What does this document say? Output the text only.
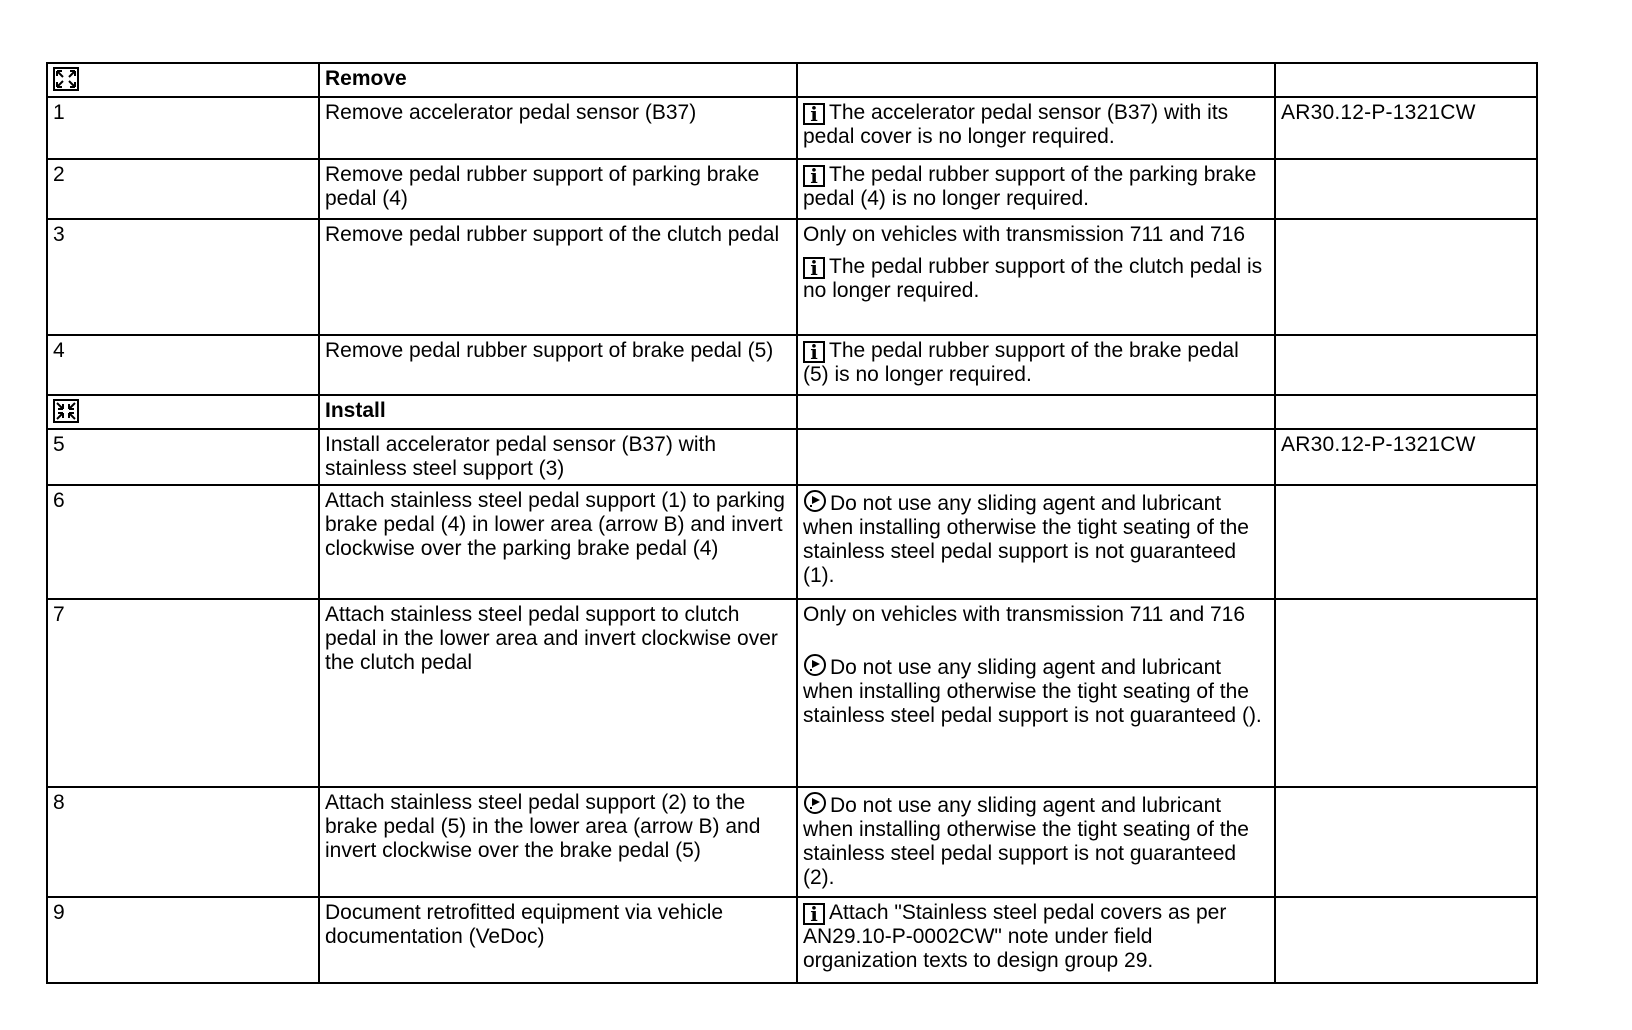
	Remove		
1	Remove accelerator pedal sensor (B37)	i The accelerator pedal sensor (B37) with its pedal cover is no longer required.	AR30.12-P-1321CW
2	Remove pedal rubber support of parking brake pedal (4)	i The pedal rubber support of the parking brake pedal (4) is no longer required.	
3	Remove pedal rubber support of the clutch pedal	Only on vehicles with transmission 711 and 716
i The pedal rubber support of the clutch pedal is no longer required.	
4	Remove pedal rubber support of brake pedal (5)	i The pedal rubber support of the brake pedal (5) is no longer required.	
	Install		
5	Install accelerator pedal sensor (B37) with stainless steel support (3)		AR30.12-P-1321CW
6	Attach stainless steel pedal support (1) to parking brake pedal (4) in lower area (arrow B) and invert clockwise over the parking brake pedal (4)	Do not use any sliding agent and lubricant when installing otherwise the tight seating of the stainless steel pedal support is not guaranteed (1).	
7	Attach stainless steel pedal support to clutch pedal in the lower area and invert clockwise over the clutch pedal	Only on vehicles with transmission 711 and 716
Do not use any sliding agent and lubricant when installing otherwise the tight seating of the stainless steel pedal support is not guaranteed ().	
8	Attach stainless steel pedal support (2) to the brake pedal (5) in the lower area (arrow B) and invert clockwise over the brake pedal (5)	Do not use any sliding agent and lubricant when installing otherwise the tight seating of the stainless steel pedal support is not guaranteed (2).	
9	Document retrofitted equipment via vehicle documentation (VeDoc)	i Attach "Stainless steel pedal covers as per AN29.10-P-0002CW" note under field organization texts to design group 29.	
